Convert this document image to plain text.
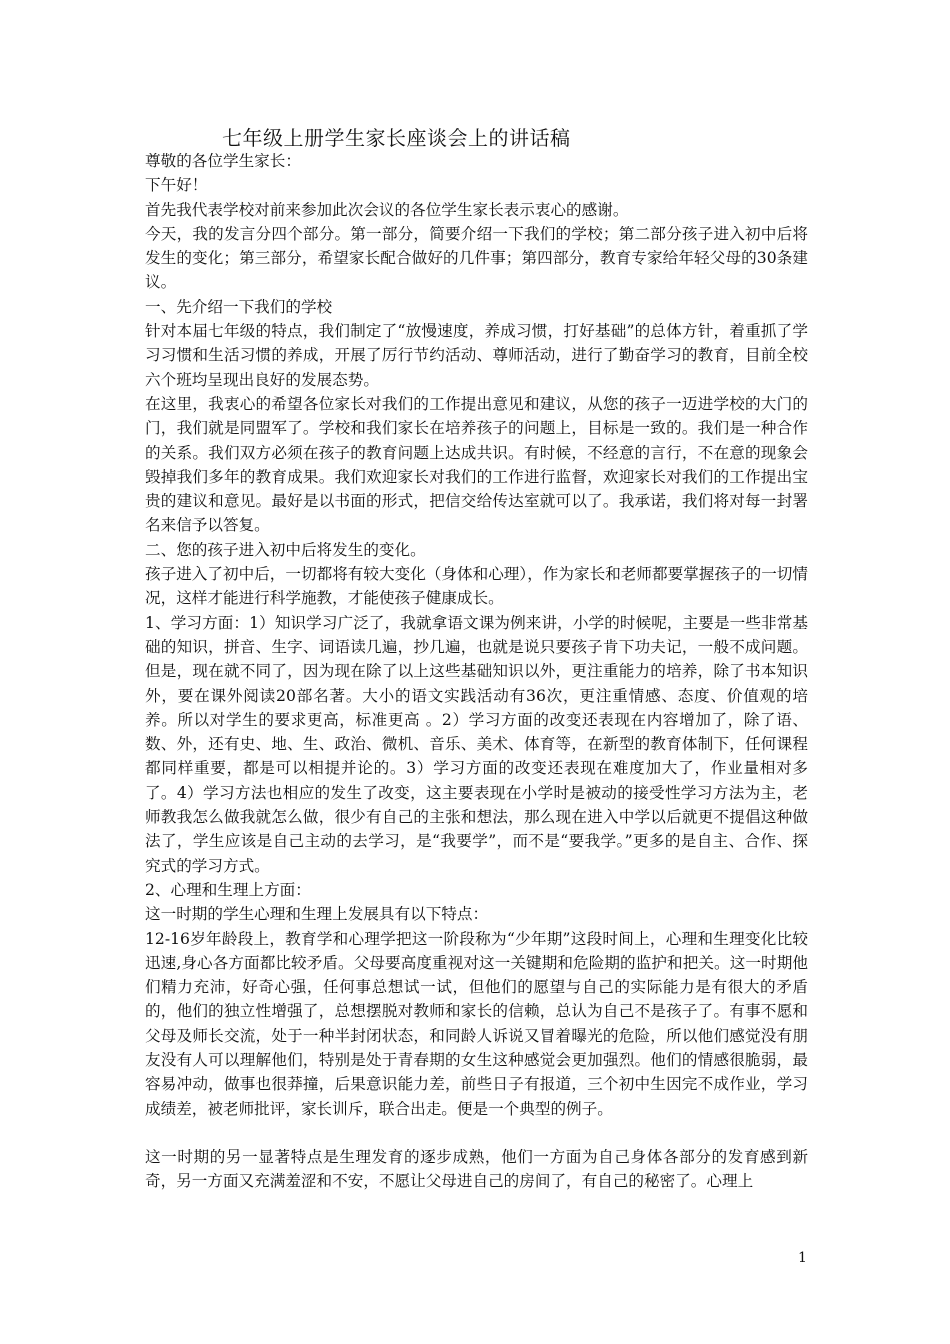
七年级上册学生家长座谈会上的讲话稿

尊敬的各位学生家长：

下午好！

首先我代表学校对前来参加此次会议的各位学生家长表示衷心的感谢。

今天，我的发言分四个部分。第一部分，简要介绍一下我们的学校；第二部分孩子进入初中后将发生的变化；第三部分，希望家长配合做好的几件事；第四部分，教育专家给年轻父母的30条建议。

一、先介绍一下我们的学校

针对本届七年级的特点，我们制定了“放慢速度，养成习惯，打好基础”的总体方针，着重抓了学习习惯和生活习惯的养成，开展了厉行节约活动、尊师活动，进行了勤奋学习的教育，目前全校六个班均呈现出良好的发展态势。

在这里，我衷心的希望各位家长对我们的工作提出意见和建议，从您的孩子一迈进学校的大门的门，我们就是同盟军了。学校和我们家长在培养孩子的问题上，目标是一致的。我们是一种合作的关系。我们双方必须在孩子的教育问题上达成共识。有时候，不经意的言行，不在意的现象会毁掉我们多年的教育成果。我们欢迎家长对我们的工作进行监督，欢迎家长对我们的工作提出宝贵的建议和意见。最好是以书面的形式，把信交给传达室就可以了。我承诺，我们将对每一封署名来信予以答复。

二、您的孩子进入初中后将发生的变化。

孩子进入了初中后，一切都将有较大变化（身体和心理），作为家长和老师都要掌握孩子的一切情况，这样才能进行科学施教，才能使孩子健康成长。

1、学习方面：1）知识学习广泛了，我就拿语文课为例来讲，小学的时候呢，主要是一些非常基础的知识，拼音、生字、词语读几遍，抄几遍，也就是说只要孩子肯下功夫记，一般不成问题。但是，现在就不同了，因为现在除了以上这些基础知识以外，更注重能力的培养，除了书本知识外，要在课外阅读20部名著。大小的语文实践活动有36次，更注重情感、态度、价值观的培养。所以对学生的要求更高，标准更高 。2）学习方面的改变还表现在内容增加了，除了语、数、外，还有史、地、生、政治、微机、音乐、美术、体育等，在新型的教育体制下，任何课程都同样重要，都是可以相提并论的。3）学习方面的改变还表现在难度加大了，作业量相对多了。4）学习方法也相应的发生了改变，这主要表现在小学时是被动的接受性学习方法为主，老师教我怎么做我就怎么做，很少有自己的主张和想法，那么现在进入中学以后就更不提倡这种做法了，学生应该是自己主动的去学习，是“我要学”，而不是“要我学。”更多的是自主、合作、探究式的学习方式。

2、心理和生理上方面：

这一时期的学生心理和生理上发展具有以下特点：

12-16岁年龄段上，教育学和心理学把这一阶段称为“少年期”这段时间上，心理和生理变化比较迅速,身心各方面都比较矛盾。父母要高度重视对这一关键期和危险期的监护和把关。这一时期他们精力充沛，好奇心强，任何事总想试一试，但他们的愿望与自己的实际能力是有很大的矛盾的，他们的独立性增强了，总想摆脱对教师和家长的信赖，总认为自己不是孩子了。有事不愿和父母及师长交流，处于一种半封闭状态，和同龄人诉说又冒着曝光的危险，所以他们感觉没有朋友没有人可以理解他们，特别是处于青春期的女生这种感觉会更加强烈。他们的情感很脆弱，最容易冲动，做事也很莽撞，后果意识能力差，前些日子有报道，三个初中生因完不成作业，学习成绩差，被老师批评，家长训斥，联合出走。便是一个典型的例子。

这一时期的另一显著特点是生理发育的逐步成熟，他们一方面为自己身体各部分的发育感到新奇，另一方面又充满羞涩和不安，不愿让父母进自己的房间了，有自己的秘密了。心理上

1
